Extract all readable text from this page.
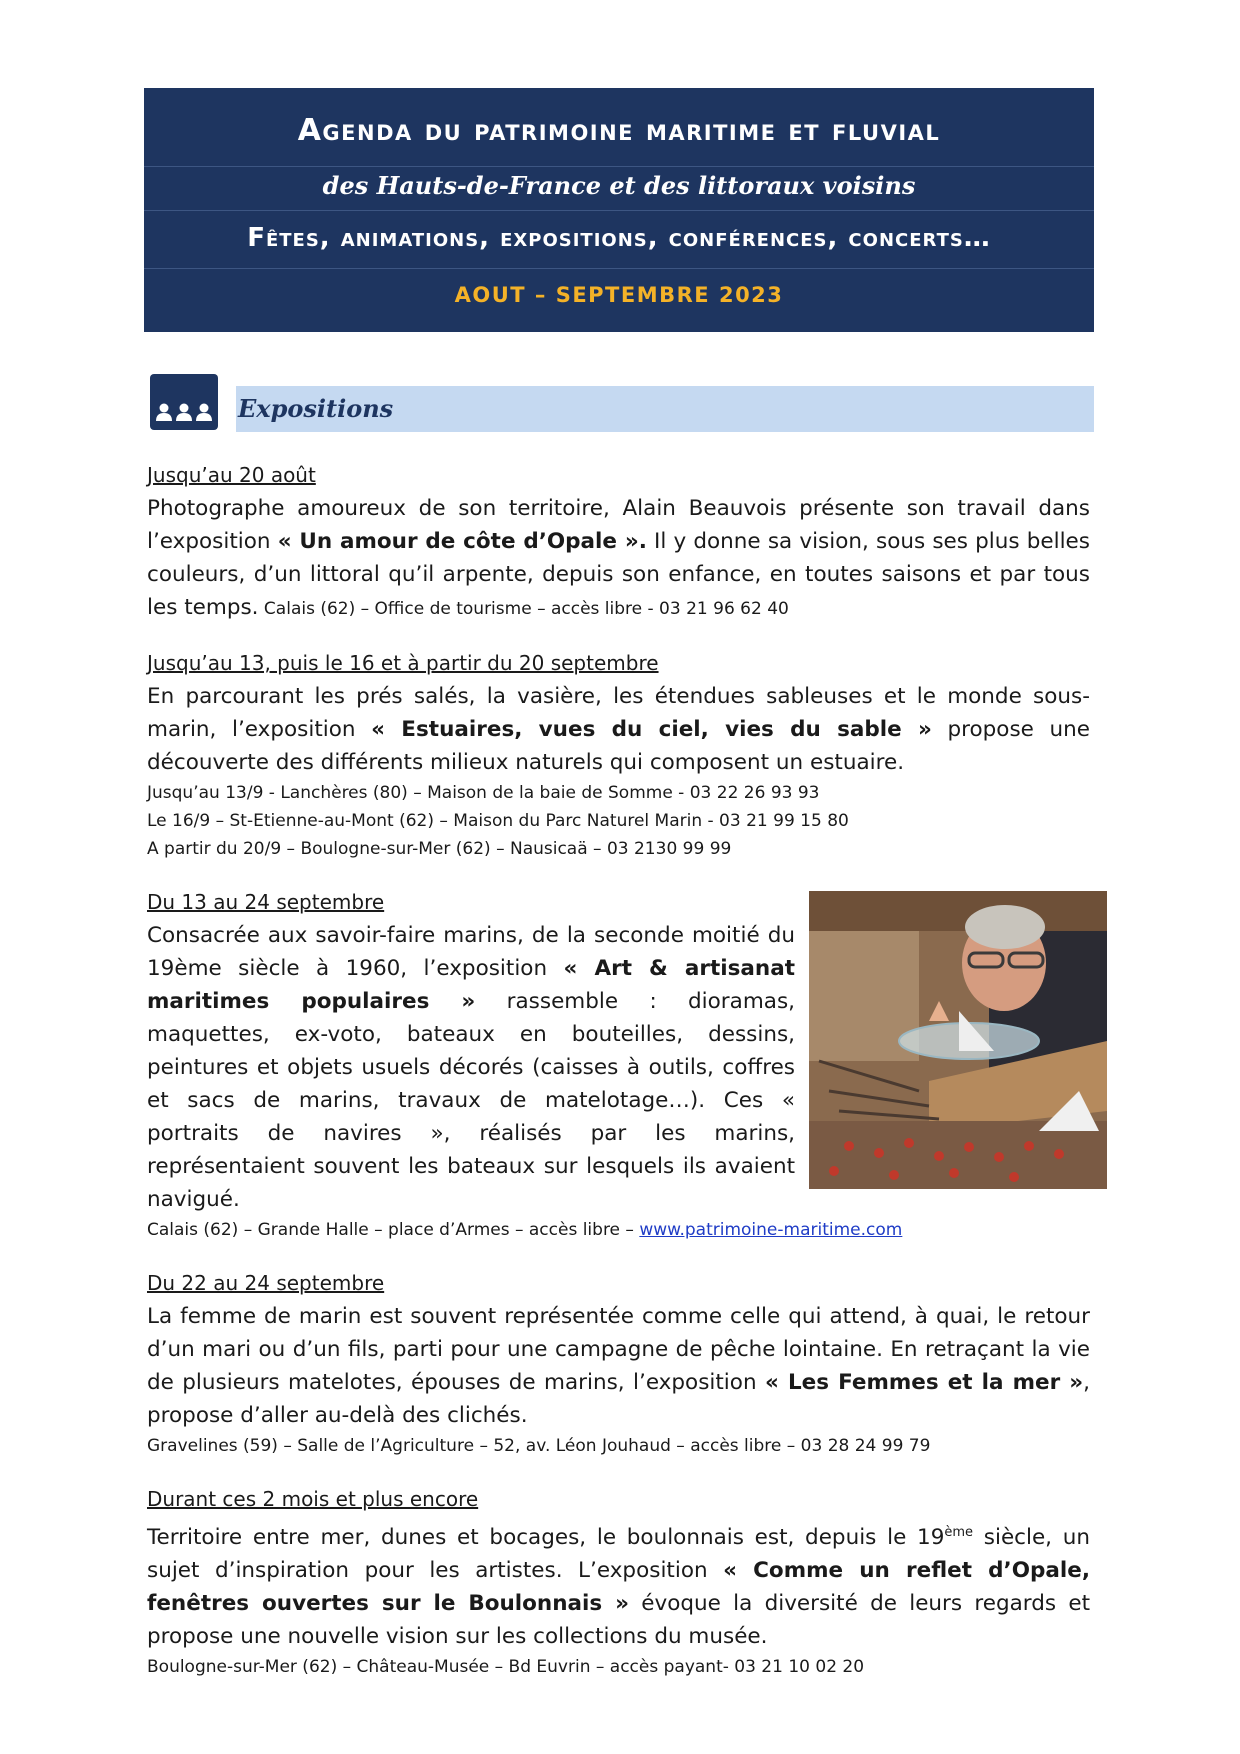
Agenda du patrimoine maritime et fluvial
des Hauts-de-France et des littoraux voisins
Fêtes, animations, expositions, conférences, concerts…
AOUT – SEPTEMBRE 2023
Expositions
Jusqu’au 20 août

Photographe amoureux de son territoire, Alain Beauvois présente son travail dans l’exposition « Un amour de côte d’Opale ». Il y donne sa vision, sous ses plus belles couleurs, d’un littoral qu’il arpente, depuis son enfance, en toutes saisons et par tous les temps. Calais (62) – Office de tourisme – accès libre - 03 21 96 62 40

Jusqu’au 13, puis le 16 et à partir du 20 septembre

En parcourant les prés salés, la vasière, les étendues sableuses et le monde sous-marin, l’exposition « Estuaires, vues du ciel, vies du sable » propose une découverte des différents milieux naturels qui composent un estuaire.

Jusqu’au 13/9 - Lanchères (80) – Maison de la baie de Somme - 03 22 26 93 93
Le 16/9 – St-Etienne-au-Mont (62) – Maison du Parc Naturel Marin - 03 21 99 15 80
A partir du 20/9 – Boulogne-sur-Mer (62) – Nausicaä – 03 2130 99 99
Du 13 au 24 septembre

Consacrée aux savoir-faire marins, de la seconde moitié du 19ème siècle à 1960, l’exposition « Art & artisanat maritimes populaires » rassemble : dioramas, maquettes, ex-voto, bateaux en bouteilles, dessins, peintures et objets usuels décorés (caisses à outils, coffres et sacs de marins, travaux de matelotage…). Ces « portraits de navires », réalisés par les marins, représentaient souvent les bateaux sur lesquels ils avaient navigué.

Calais (62) – Grande Halle – place d’Armes – accès libre – www.patrimoine-maritime.com
Du 22 au 24 septembre

La femme de marin est souvent représentée comme celle qui attend, à quai, le retour d’un mari ou d’un fils, parti pour une campagne de pêche lointaine. En retraçant la vie de plusieurs matelotes, épouses de marins, l’exposition « Les Femmes et la mer », propose d’aller au-delà des clichés.

Gravelines (59) – Salle de l’Agriculture – 52, av. Léon Jouhaud – accès libre – 03 28 24 99 79
Durant ces 2 mois et plus encore

Territoire entre mer, dunes et bocages, le boulonnais est, depuis le 19ème siècle, un sujet d’inspiration pour les artistes. L’exposition « Comme un reflet d’Opale, fenêtres ouvertes sur le Boulonnais » évoque la diversité de leurs regards et propose une nouvelle vision sur les collections du musée.

Boulogne-sur-Mer (62) – Château-Musée – Bd Euvrin – accès payant- 03 21 10 02 20
